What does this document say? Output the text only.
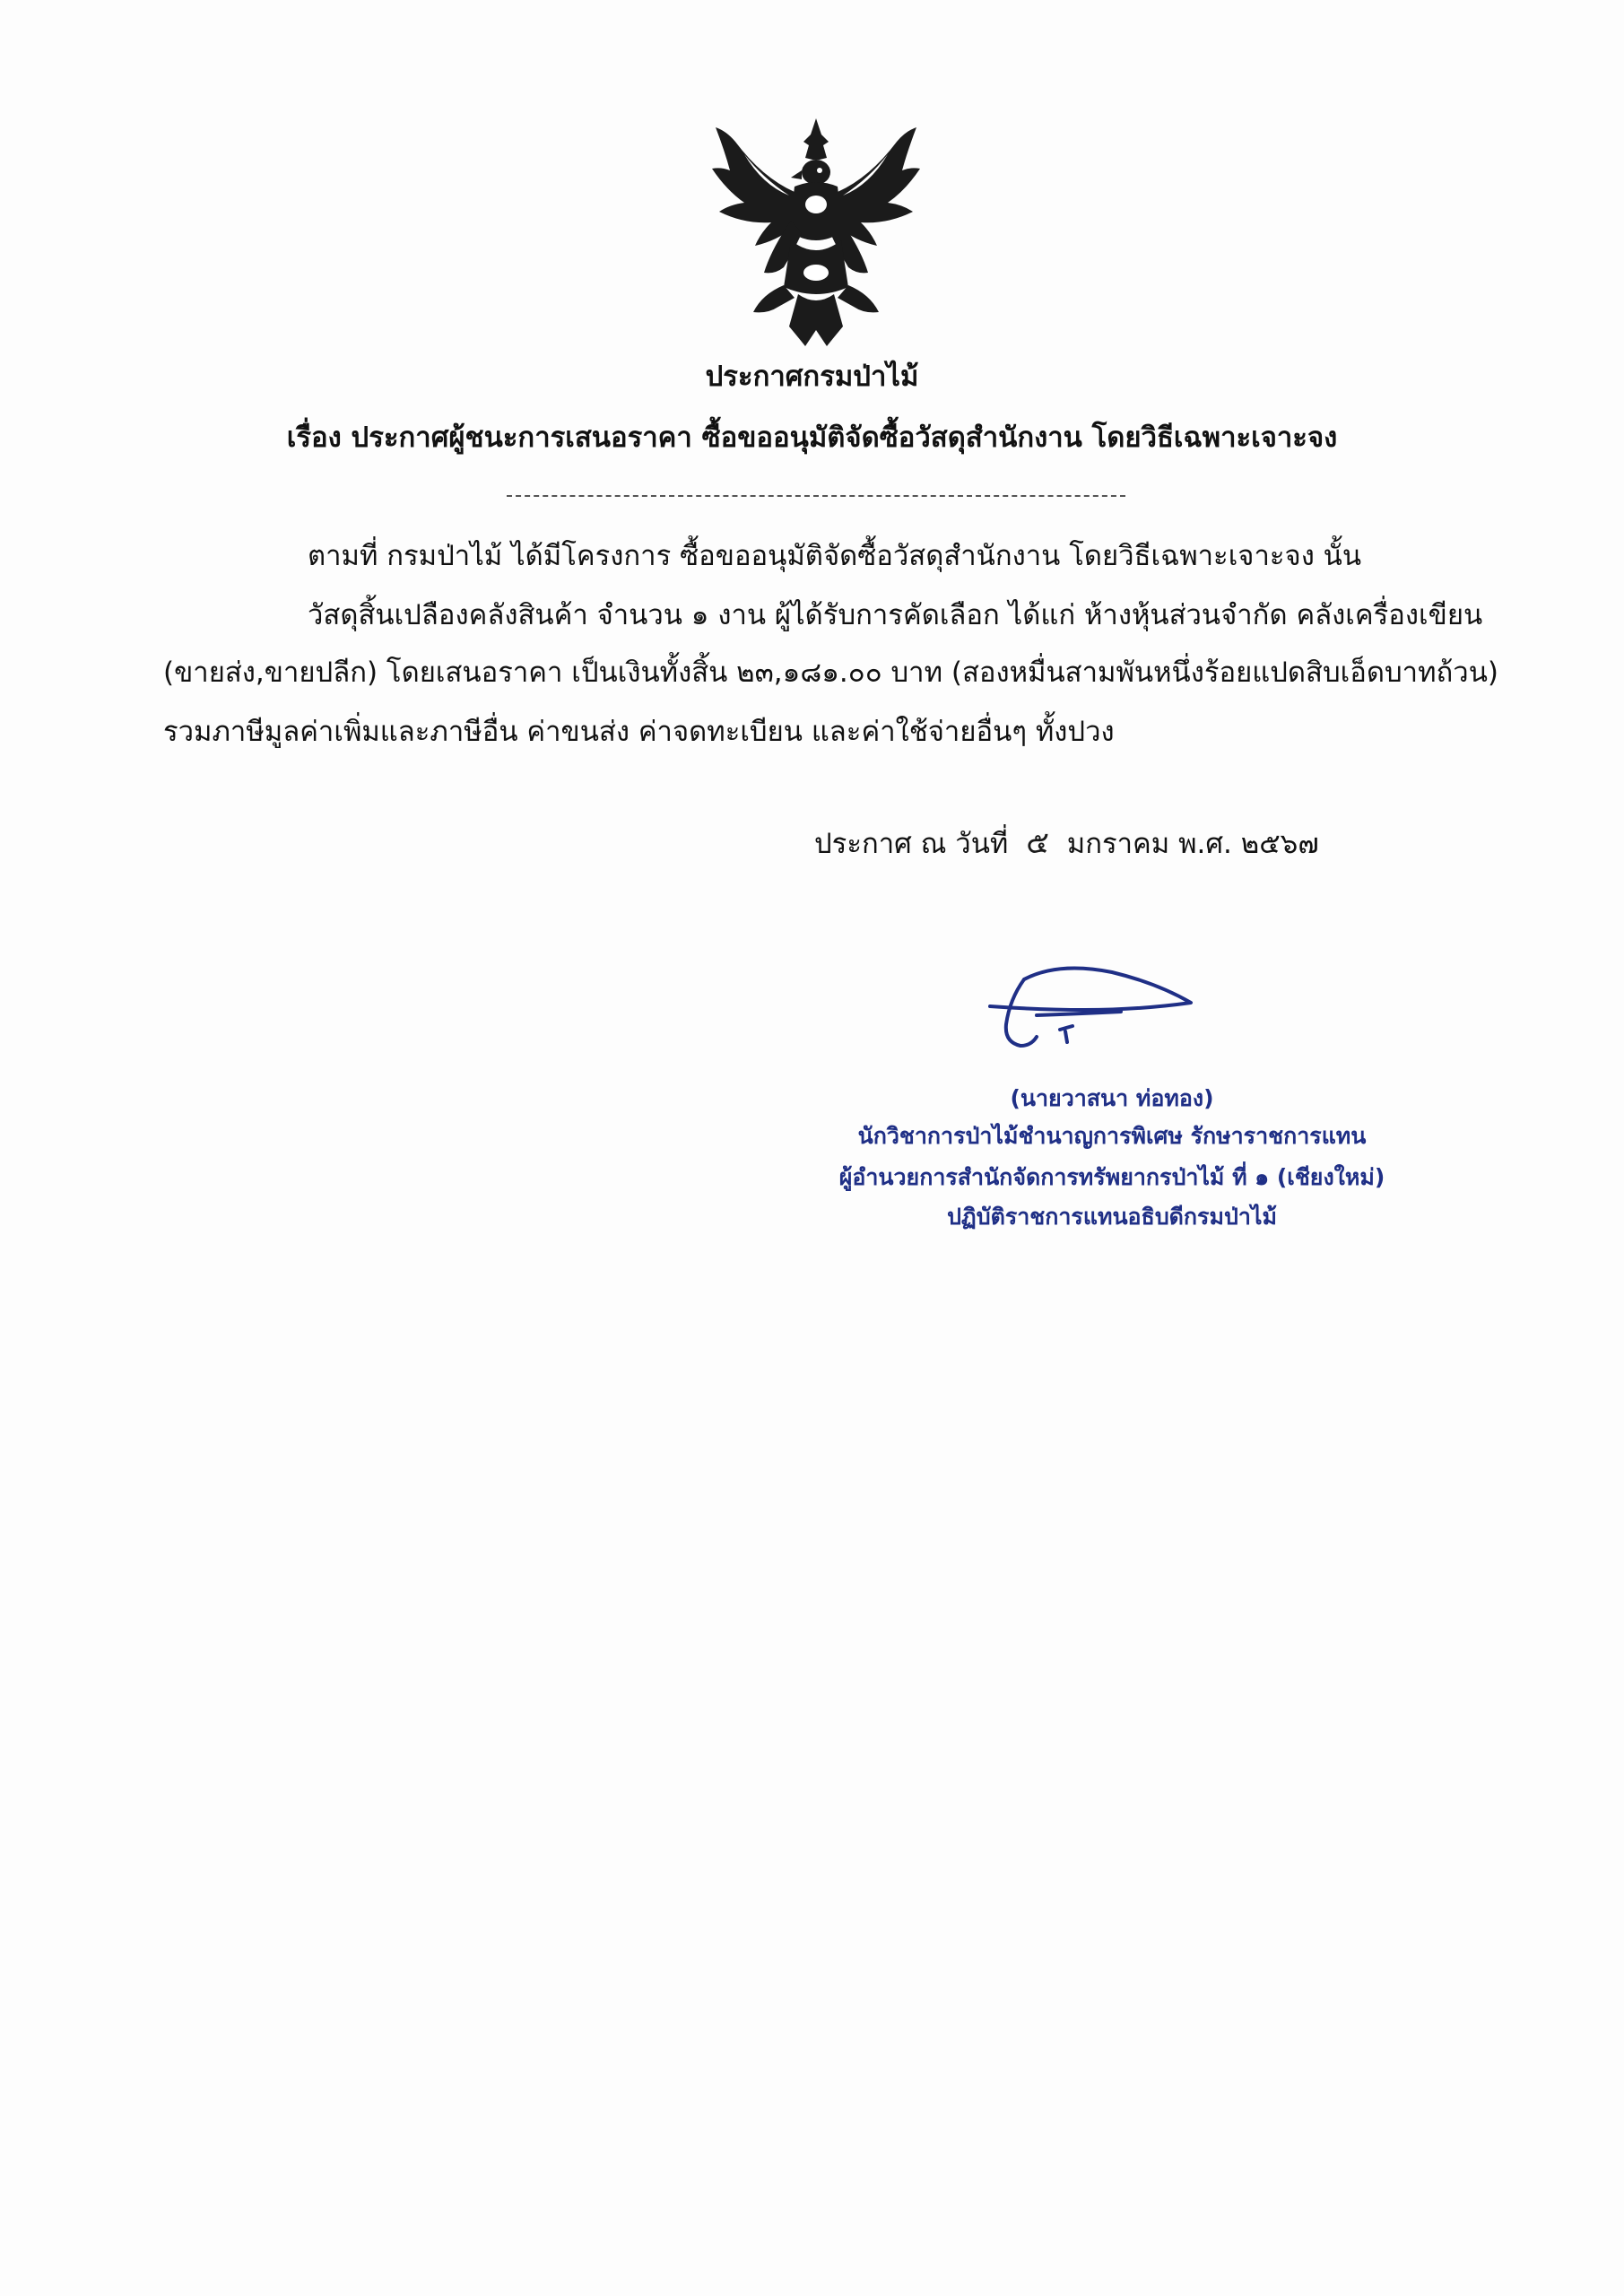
ประกาศกรมป่าไม้
เรื่อง ประกาศผู้ชนะการเสนอราคา ซื้อขออนุมัติจัดซื้อวัสดุสำนักงาน โดยวิธีเฉพาะเจาะจง
ตามที่ กรมป่าไม้ ได้มีโครงการ ซื้อขออนุมัติจัดซื้อวัสดุสำนักงาน โดยวิธีเฉพาะเจาะจง นั้น
วัสดุสิ้นเปลืองคลังสินค้า จำนวน ๑ งาน ผู้ได้รับการคัดเลือก ได้แก่ ห้างหุ้นส่วนจำกัด คลังเครื่องเขียน
(ขายส่ง,ขายปลีก) โดยเสนอราคา เป็นเงินทั้งสิ้น ๒๓,๑๘๑.๐๐ บาท (สองหมื่นสามพันหนึ่งร้อยแปดสิบเอ็ดบาทถ้วน)
รวมภาษีมูลค่าเพิ่มและภาษีอื่น ค่าขนส่ง ค่าจดทะเบียน และค่าใช้จ่ายอื่นๆ ทั้งปวง
ประกาศ ณ วันที่ ๕ มกราคม พ.ศ. ๒๕๖๗
(นายวาสนา ท่อทอง)
นักวิชาการป่าไม้ชำนาญการพิเศษ รักษาราชการแทน
ผู้อำนวยการสำนักจัดการทรัพยากรป่าไม้ ที่ ๑ (เชียงใหม่)
ปฏิบัติราชการแทนอธิบดีกรมป่าไม้
